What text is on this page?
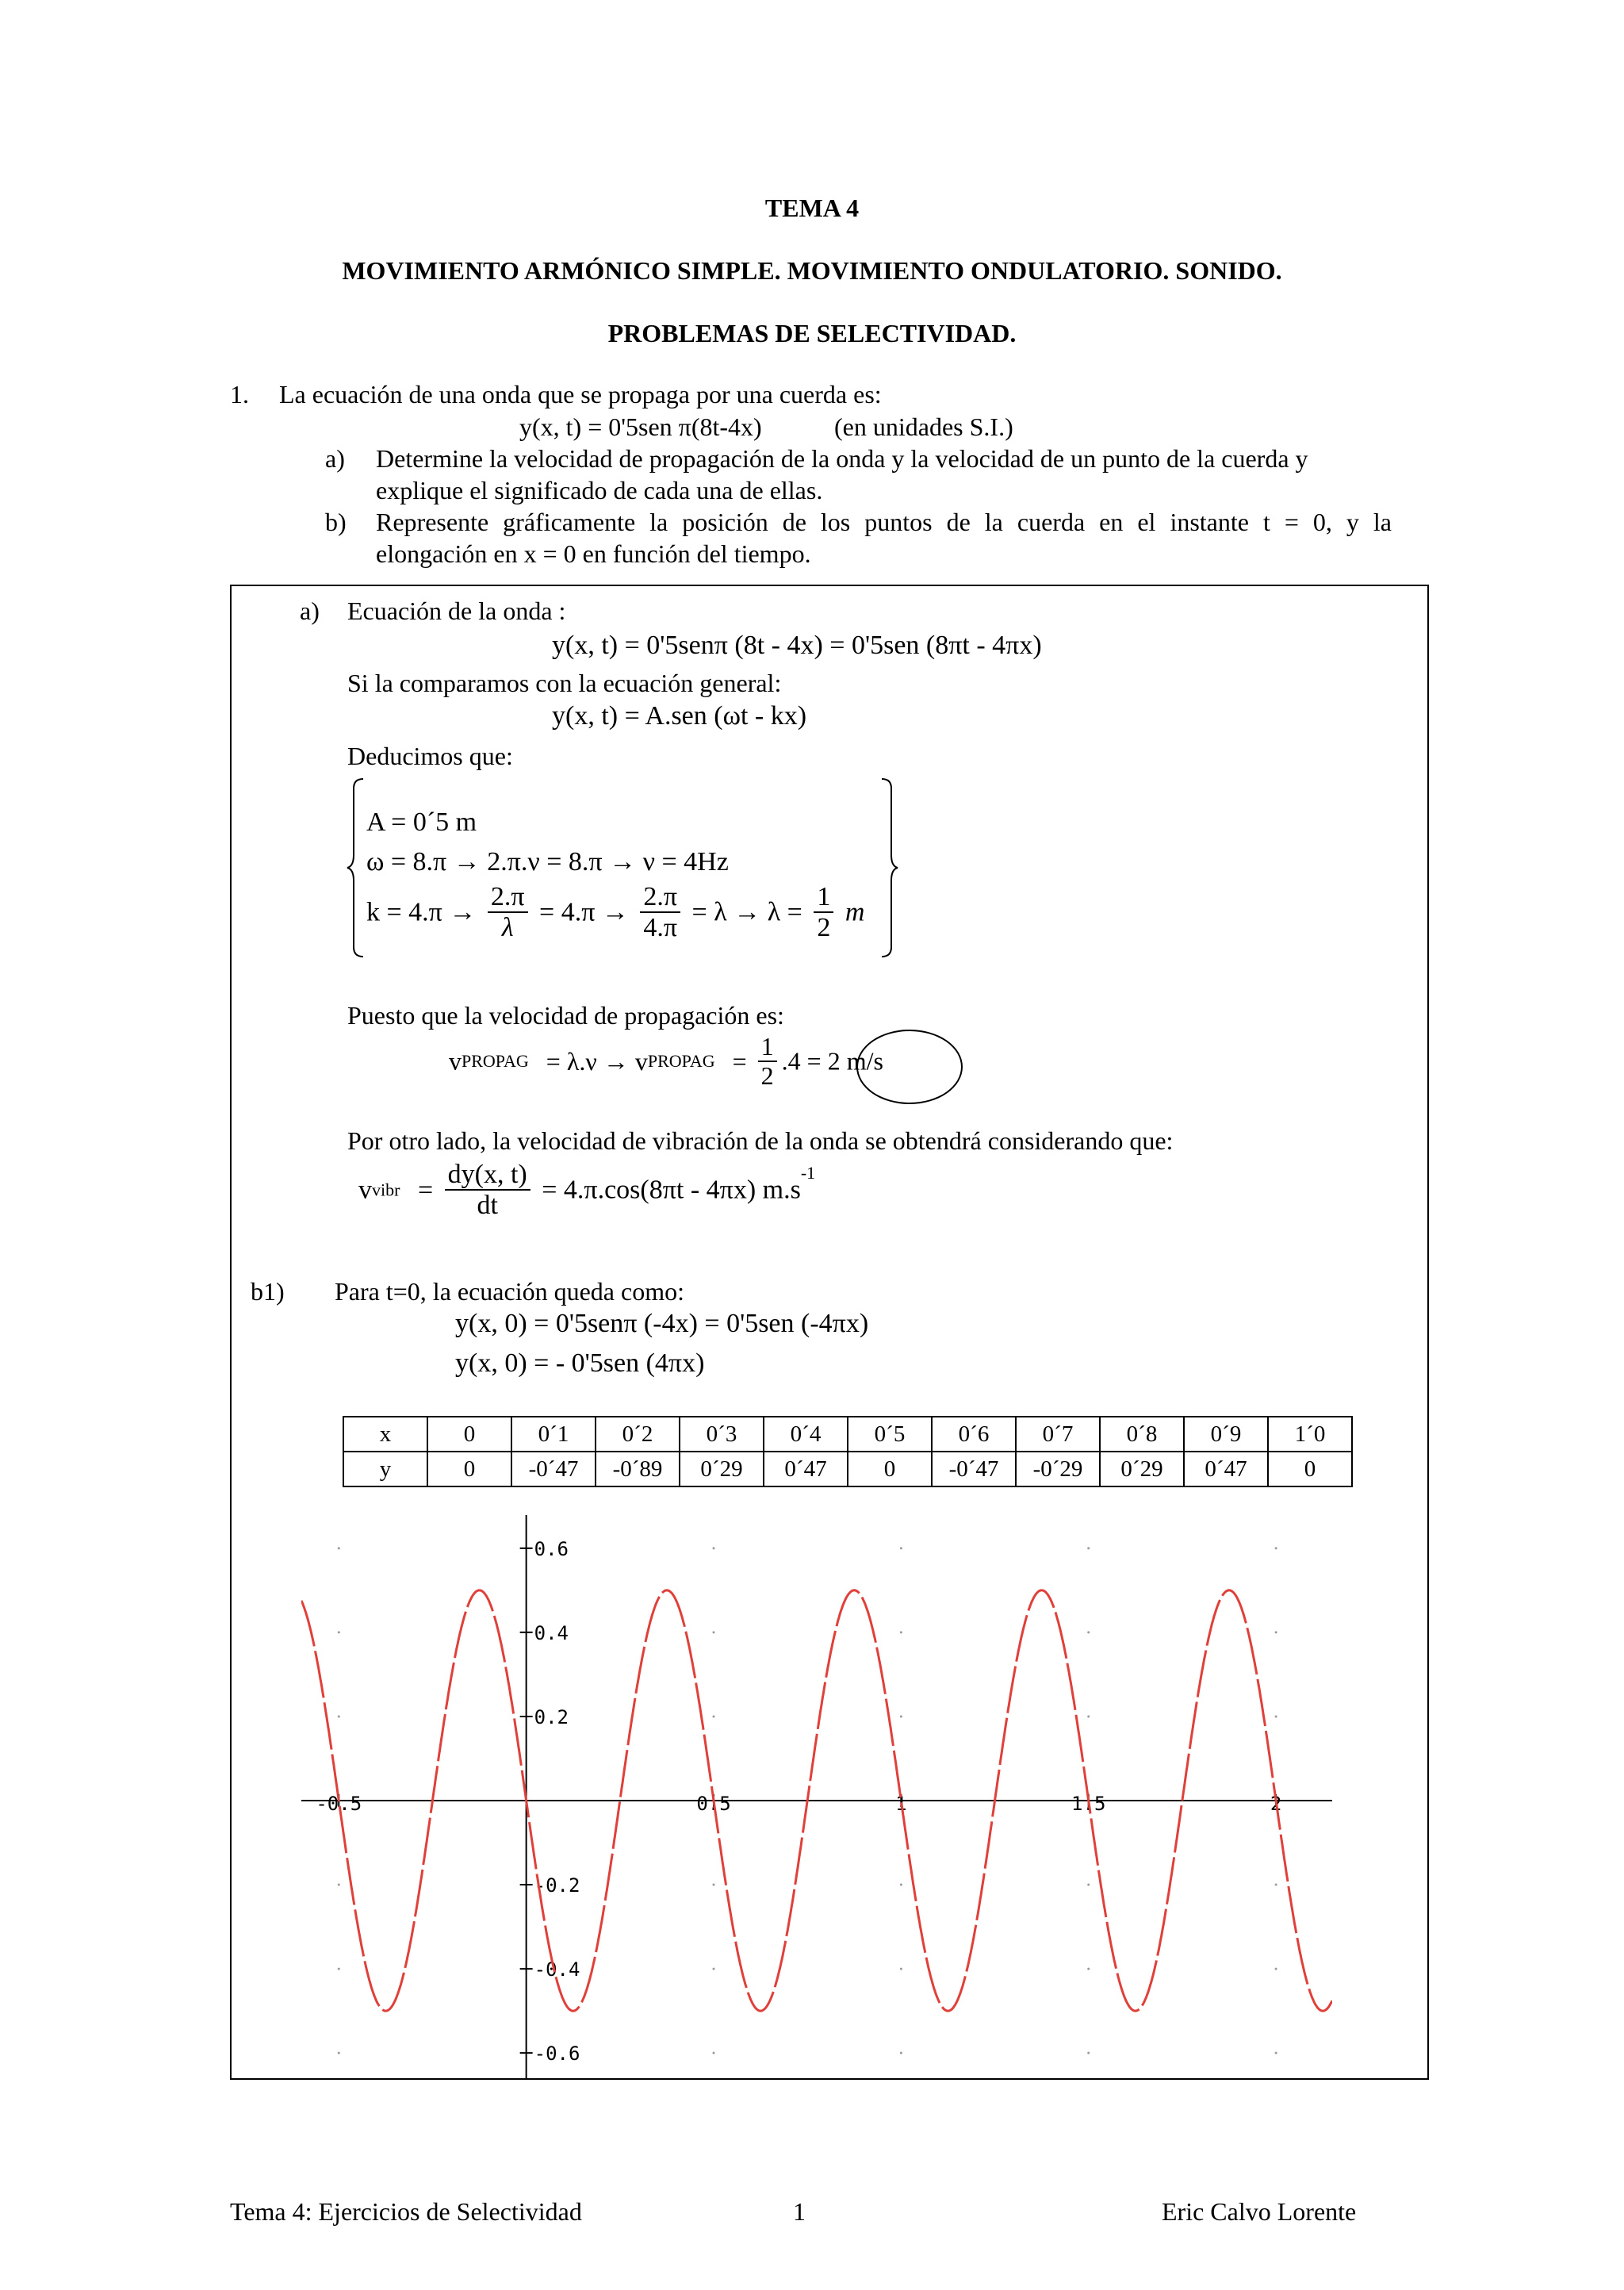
TEMA 4
MOVIMIENTO ARMÓNICO SIMPLE. MOVIMIENTO ONDULATORIO. SONIDO.
PROBLEMAS DE SELECTIVIDAD.
1. La ecuación de una onda que se propaga por una cuerda es:
y(x, t) = 0'5sen π(8t-4x)	(en unidades S.I.)
a) Determine la velocidad de propagación de la onda y la velocidad de un punto de la cuerda y
explique el significado de cada una de ellas.
b) Represente gráficamente la posición de los puntos de la cuerda en el instante t = 0, y la
elongación en x = 0 en función del tiempo.
a) Ecuación de la onda :
y(x, t) = 0'5senπ (8t - 4x) = 0'5sen (8πt - 4πx)
Si la comparamos con la ecuación general:
y(x, t) = A.sen (ωt - kx)
Deducimos que:
A = 0´5 m
ω = 8.π → 2.π.ν = 8.π → ν = 4Hz
$k = 4.\pi \to \frac{2.\pi}{\lambda} = 4.\pi \to \frac{2.\pi}{4.\pi} = \lambda \to \lambda = \frac{1}{2}$ m
Puesto que la velocidad de propagación es:
vPROPAG = λ.ν → vPROPAG = $\frac{1}{2} .4 = 2$ m/s
Por otro lado, la velocidad de vibración de la onda se obtendrá considerando que:
vvibr = $\frac{dy(x, t)}{dt} = 4.\pi.\cos(8\pi t - 4\pi x)$ $m.s^{-1}$
b1) Para t=0, la ecuación queda como:
y(x, 0) = 0'5senπ (-4x) = 0'5sen (-4πx)
y(x, 0) = - 0'5sen (4πx)
x	0	0´1	0´2	0´3	0´4	0´5	0´6	0´7	0´8	0´9	1´0
y	0	-0´47	-0´89	0´29	0´47	0	-0´47	-0´29	0´29	0´47	0
-0.5	0.5	1	1.5	2
0.6
0.4
0.2
-0.2
-0.4
-0.6
Tema 4: Ejercicios de Selectividad	1	Eric Calvo Lorente
